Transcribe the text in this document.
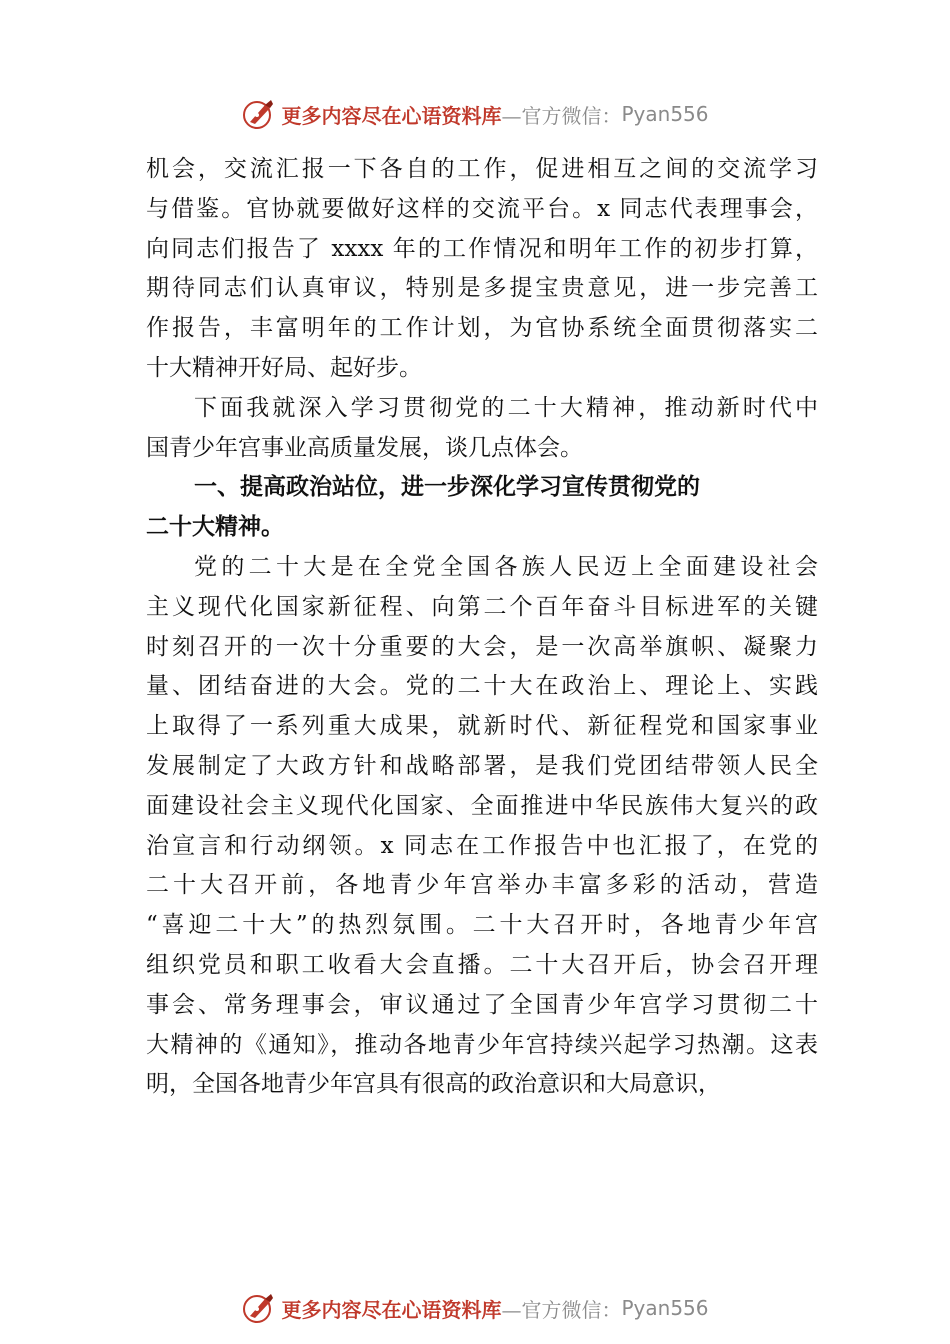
更多内容尽在心语资料库 —官方微信： Pyan556
机会，交流汇报一下各自的工作，促进相互之间的交流学习
与借鉴。官协就要做好这样的交流平台。x 同志代表理事会，
向同志们报告了 xxxx 年的工作情况和明年工作的初步打算，
期待同志们认真审议，特别是多提宝贵意见，进一步完善工
作报告，丰富明年的工作计划，为官协系统全面贯彻落实二
十大精神开好局、起好步。
下面我就深入学习贯彻党的二十大精神，推动新时代中
国青少年宫事业高质量发展，谈几点体会。
一、提高政治站位，进一步深化学习宣传贯彻党的
二十大精神。
党的二十大是在全党全国各族人民迈上全面建设社会
主义现代化国家新征程、向第二个百年奋斗目标进军的关键
时刻召开的一次十分重要的大会，是一次高举旗帜、凝聚力
量、团结奋进的大会。党的二十大在政治上、理论上、实践
上取得了一系列重大成果，就新时代、新征程党和国家事业
发展制定了大政方针和战略部署，是我们党团结带领人民全
面建设社会主义现代化国家、全面推进中华民族伟大复兴的政
治宣言和行动纲领。x 同志在工作报告中也汇报了，在党的
二十大召开前，各地青少年宫举办丰富多彩的活动，营造
“喜迎二十大”的热烈氛围。二十大召开时，各地青少年宫
组织党员和职工收看大会直播。二十大召开后，协会召开理
事会、常务理事会，审议通过了全国青少年宫学习贯彻二十
大精神的《通知》，推动各地青少年宫持续兴起学习热潮。这表
明，全国各地青少年宫具有很高的政治意识和大局意识，
更多内容尽在心语资料库 —官方微信： Pyan556
